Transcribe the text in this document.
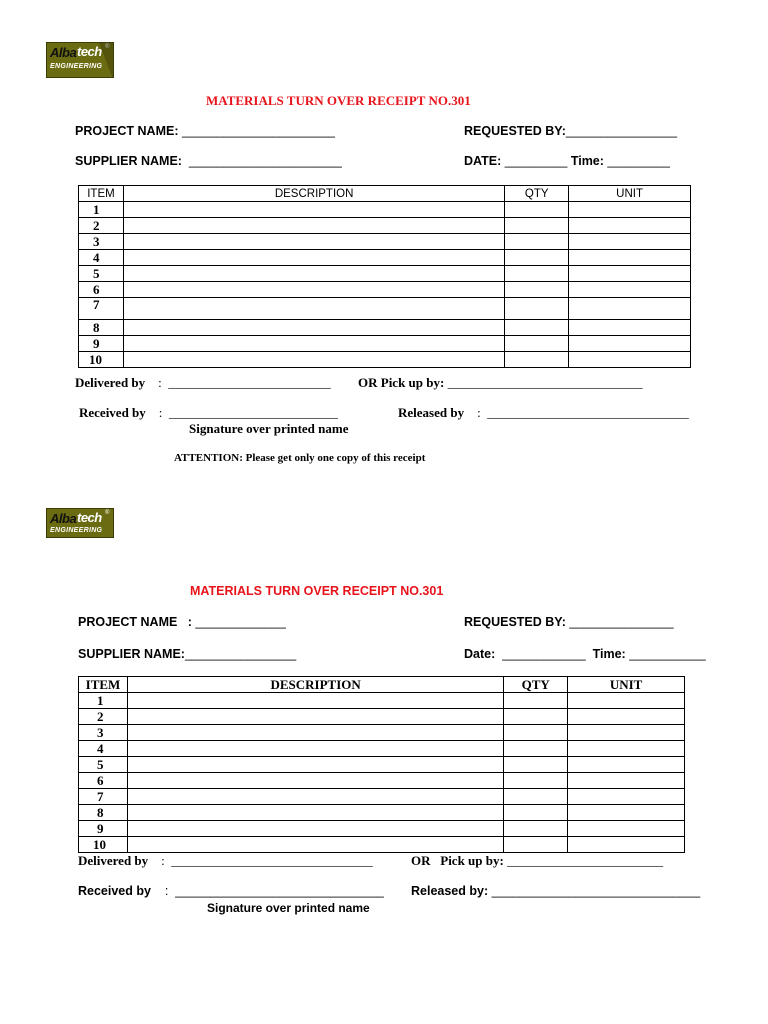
Alba tech ®
ENGINEERING
MATERIALS TURN OVER RECEIPT NO.301
PROJECT NAME: ______________________	REQUESTED BY:________________
SUPPLIER NAME: ______________________	DATE: _________ Time: _________
ITEM	DESCRIPTION	QTY	UNIT
1			
2			
3			
4			
5			
6			
7			
8			
9			
10			
Delivered by :  _________________________ OR Pick up by: ______________________________
Received by :  __________________________	Released by :  _______________________________
Signature over printed name
ATTENTION: Please get only one copy of this receipt
Alba tech ®
ENGINEERING
MATERIALS TURN OVER RECEIPT NO.301
PROJECT NAME   : _____________	REQUESTED BY: _______________
SUPPLIER NAME:________________	Date: ____________ Time: ___________
ITEM	DESCRIPTION	QTY	UNIT
1			
2			
3			
4			
5			
6			
7			
8			
9			
10			
Delivered by :  _______________________________	OR   Pick up by: ________________________
Received by :  ______________________________ Released by: ______________________________
Signature over printed name
